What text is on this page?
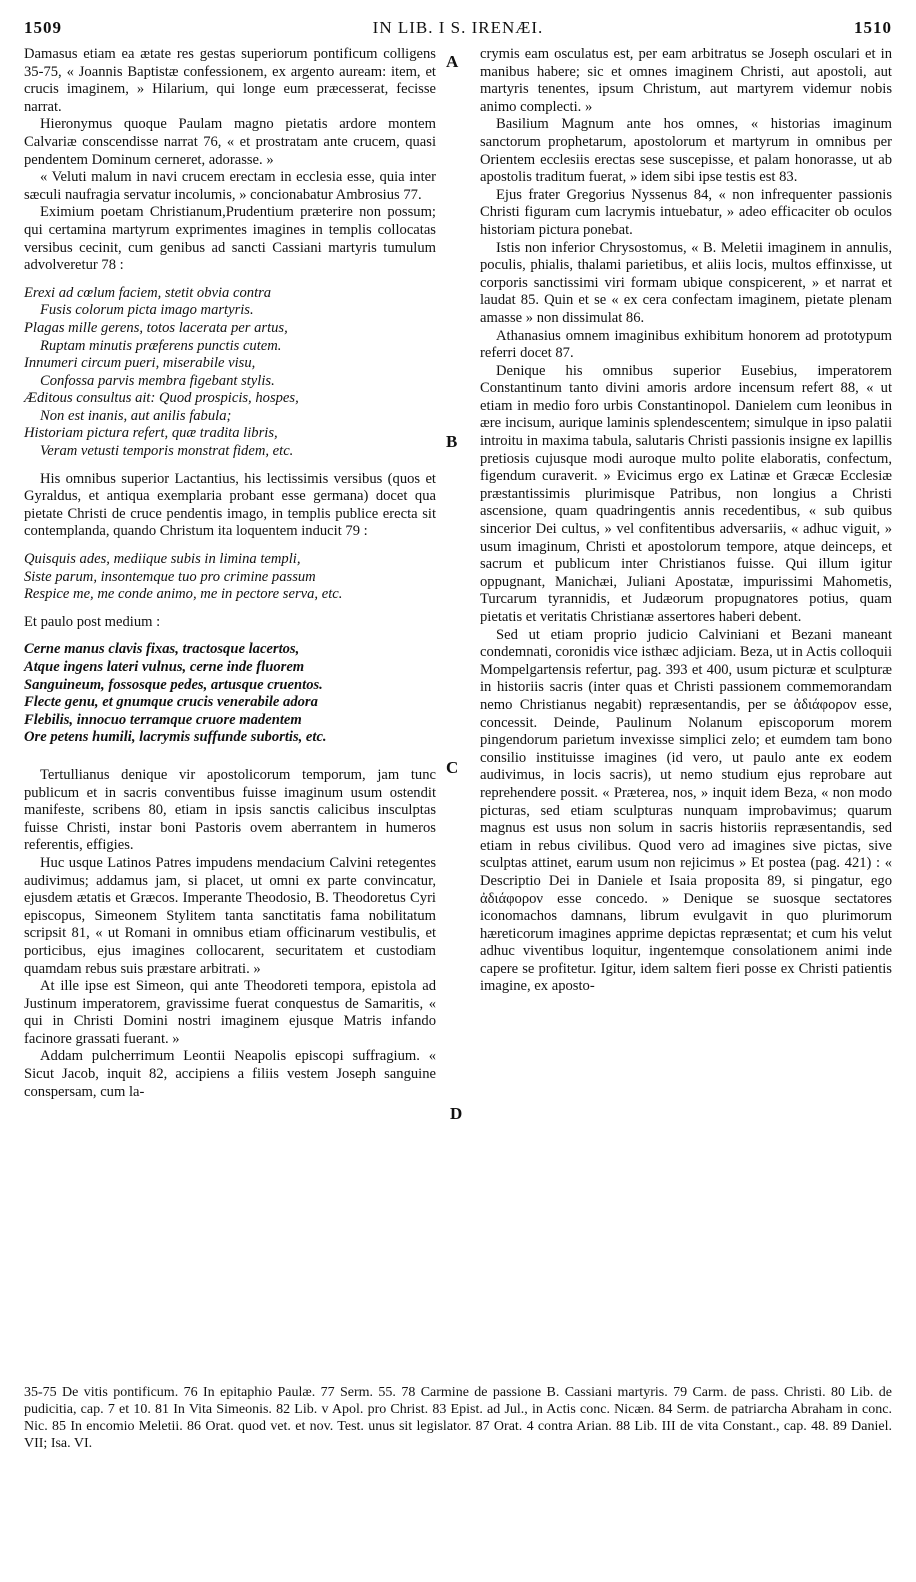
1509	IN LIB. I S. IRENÆI.	1510
A
B
C
D

Damasus etiam ea ætate res gestas superiorum pontificum colligens 35-75, « Joannis Baptistæ confessionem, ex argento auream: item, et crucis imaginem, » Hilarium, qui longe eum præcesserat, fecisse narrat.

Hieronymus quoque Paulam magno pietatis ardore montem Calvariæ conscendisse narrat 76, « et prostratam ante crucem, quasi pendentem Dominum cerneret, adorasse. »

« Veluti malum in navi crucem erectam in ecclesia esse, quia inter sæculi naufragia servatur incolumis, » concionabatur Ambrosius 77.

Eximium poetam Christianum,Prudentium præterire non possum; qui certamina martyrum exprimentes imagines in templis collocatas versibus cecinit, cum genibus ad sancti Cassiani martyris tumulum advolveretur 78 :

Erexi ad cœlum faciem, stetit obvia contra
Fusis colorum picta imago martyris.
Plagas mille gerens, totos lacerata per artus,
Ruptam minutis præferens punctis cutem.
Innumeri circum pueri, miserabile visu,
Confossa parvis membra figebant stylis.
Æditous consultus ait: Quod prospicis, hospes,
Non est inanis, aut anilis fabula;
Historiam pictura refert, quæ tradita libris,
Veram vetusti temporis monstrat fidem, etc.

His omnibus superior Lactantius, his lectissimis versibus (quos et Gyraldus, et antiqua exemplaria probant esse germana) docet qua pietate Christi de cruce pendentis imago, in templis publice erecta sit contemplanda, quando Christum ita loquentem inducit 79 :

Quisquis ades, mediique subis in limina templi,
Siste parum, insontemque tuo pro crimine passum
Respice me, me conde animo, me in pectore serva, etc.
Et paulo post medium :
Cerne manus clavis fixas, tractosque lacertos,
Atque ingens lateri vulnus, cerne inde fluorem
Sanguineum, fossosque pedes, artusque cruentos.
Flecte genu, et gnumque crucis venerabile adora
Flebilis, innocuo terramque cruore madentem
Ore petens humili, lacrymis suffunde subortis, etc.

Tertullianus denique vir apostolicorum temporum, jam tunc publicum et in sacris conventibus fuisse imaginum usum ostendit manifeste, scribens 80, etiam in ipsis sanctis calicibus insculptas fuisse Christi, instar boni Pastoris ovem aberrantem in humeros referentis, effigies.

Huc usque Latinos Patres impudens mendacium Calvini retegentes audivimus; addamus jam, si placet, ut omni ex parte convincatur, ejusdem ætatis et Græcos. Imperante Theodosio, B. Theodoretus Cyri episcopus, Simeonem Stylitem tanta sanctitatis fama nobilitatum scripsit 81, « ut Romani in omnibus etiam officinarum vestibulis, et porticibus, ejus imagines collocarent, securitatem et custodiam quamdam rebus suis præstare arbitrati. »

At ille ipse est Simeon, qui ante Theodoreti tempora, epistola ad Justinum imperatorem, gravissime fuerat conquestus de Samaritis, « qui in Christi Domini nostri imaginem ejusque Matris infando facinore grassati fuerant. »

Addam pulcherrimum Leontii Neapolis episcopi suffragium. « Sicut Jacob, inquit 82, accipiens a filiis vestem Joseph sanguine conspersam, cum la-

crymis eam osculatus est, per eam arbitratus se Joseph osculari et in manibus habere; sic et omnes imaginem Christi, aut apostoli, aut martyris tenentes, ipsum Christum, aut martyrem videmur nobis animo complecti. »

Basilium Magnum ante hos omnes, « historias imaginum sanctorum prophetarum, apostolorum et martyrum in omnibus per Orientem ecclesiis erectas sese suscepisse, et palam honorasse, ut ab apostolis traditum fuerat, » idem sibi ipse testis est 83.

Ejus frater Gregorius Nyssenus 84, « non infrequenter passionis Christi figuram cum lacrymis intuebatur, » adeo efficaciter ob oculos historiam pictura ponebat.

Istis non inferior Chrysostomus, « B. Meletii imaginem in annulis, poculis, phialis, thalami parietibus, et aliis locis, multos effinxisse, ut corporis sanctissimi viri formam ubique conspicerent, » et narrat et laudat 85. Quin et se « ex cera confectam imaginem, pietate plenam amasse » non dissimulat 86.

Athanasius omnem imaginibus exhibitum honorem ad prototypum referri docet 87.

Denique his omnibus superior Eusebius, imperatorem Constantinum tanto divini amoris ardore incensum refert 88, « ut etiam in medio foro urbis Constantinopol. Danielem cum leonibus in ære incisum, aurique laminis splendescentem; simulque in ipso palatii introitu in maxima tabula, salutaris Christi passionis insigne ex lapillis pretiosis cujusque modi auroque multo polite elaboratis, confectum, figendum curaverit. » Evicimus ergo ex Latinæ et Græcæ Ecclesiæ præstantissimis plurimisque Patribus, non longius a Christi ascensione, quam quadringentis annis recedentibus, « sub quibus sincerior Dei cultus, » vel confitentibus adversariis, « adhuc viguit, » usum imaginum, Christi et apostolorum tempore, atque deinceps, et sacrum et publicum inter Christianos fuisse. Qui illum igitur oppugnant, Manichæi, Juliani Apostatæ, impurissimi Mahometis, Turcarum tyrannidis, et Judæorum propugnatores potius, quam pietatis et veritatis Christianæ assertores haberi debent.

Sed ut etiam proprio judicio Calviniani et Bezani maneant condemnati, coronidis vice isthæc adjiciam. Beza, ut in Actis colloquii Mompelgartensis refertur, pag. 393 et 400, usum picturæ et sculpturæ in historiis sacris (inter quas et Christi passionem commemorandam nemo Christianus negabit) repræsentandis, per se ἀδιάφορον esse, concessit. Deinde, Paulinum Nolanum episcoporum morem pingendorum parietum invexisse simplici zelo; et eumdem tam bono consilio instituisse imagines (id vero, ut paulo ante ex eodem audivimus, in locis sacris), ut nemo studium ejus reprobare aut reprehendere possit. « Præterea, nos, » inquit idem Beza, « non modo picturas, sed etiam sculpturas nunquam improbavimus; quarum magnus est usus non solum in sacris historiis repræsentandis, sed etiam in rebus civilibus. Quod vero ad imagines sive pictas, sive sculptas attinet, earum usum non rejicimus » Et postea (pag. 421) : « Descriptio Dei in Daniele et Isaia proposita 89, si pingatur, ego ἀδιάφορον esse concedo. » Denique se suosque sectatores iconomachos damnans, librum evulgavit in quo plurimorum hæreticorum imagines apprime depictas repræsentat; et cum his velut adhuc viventibus loquitur, ingentemque consolationem animi inde capere se profitetur. Igitur, idem saltem fieri posse ex Christi patientis imagine, ex aposto-

35-75 De vitis pontificum. 76 In epitaphio Paulæ. 77 Serm. 55. 78 Carmine de passione B. Cassiani martyris. 79 Carm. de pass. Christi. 80 Lib. de pudicitia, cap. 7 et 10. 81 In Vita Simeonis. 82 Lib. v Apol. pro Christ. 83 Epist. ad Jul., in Actis conc. Nicæn. 84 Serm. de patriarcha Abraham in conc. Nic. 85 In encomio Meletii. 86 Orat. quod vet. et nov. Test. unus sit legislator. 87 Orat. 4 contra Arian. 88 Lib. III de vita Constant., cap. 48. 89 Daniel. VII; Isa. VI.
